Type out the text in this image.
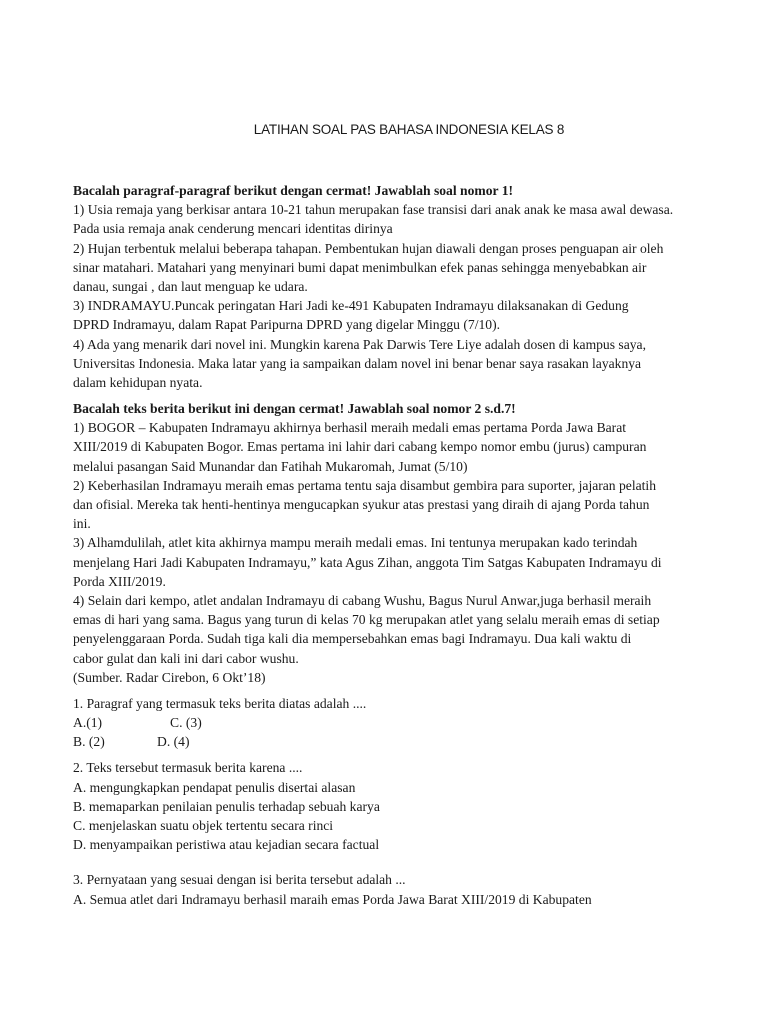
LATIHAN SOAL PAS BAHASA INDONESIA KELAS 8
Bacalah paragraf-paragraf berikut dengan cermat! Jawablah soal nomor 1!
1) Usia remaja yang berkisar antara 10-21 tahun merupakan fase transisi dari anak anak ke masa awal dewasa.
Pada usia remaja anak cenderung mencari identitas dirinya
2) Hujan terbentuk melalui beberapa tahapan. Pembentukan hujan diawali dengan proses penguapan air oleh
sinar matahari. Matahari yang menyinari bumi dapat menimbulkan efek panas sehingga menyebabkan air
danau, sungai , dan laut menguap ke udara.
3) INDRAMAYU.Puncak peringatan Hari Jadi ke-491 Kabupaten Indramayu dilaksanakan di Gedung
DPRD Indramayu, dalam Rapat Paripurna DPRD yang digelar Minggu (7/10).
4) Ada yang menarik dari novel ini. Mungkin karena Pak Darwis Tere Liye adalah dosen di kampus saya,
Universitas Indonesia. Maka latar yang ia sampaikan dalam novel ini benar benar saya rasakan layaknya
dalam kehidupan nyata.
Bacalah teks berita berikut ini dengan cermat! Jawablah soal nomor 2 s.d.7!
1) BOGOR – Kabupaten Indramayu akhirnya berhasil meraih medali emas pertama Porda Jawa Barat
XIII/2019 di Kabupaten Bogor. Emas pertama ini lahir dari cabang kempo nomor embu (jurus) campuran
melalui pasangan Said Munandar dan Fatihah Mukaromah, Jumat (5/10)
2) Keberhasilan Indramayu meraih emas pertama tentu saja disambut gembira para suporter, jajaran pelatih
dan ofisial. Mereka tak henti-hentinya mengucapkan syukur atas prestasi yang diraih di ajang Porda tahun
ini.
3) Alhamdulilah, atlet kita akhirnya mampu meraih medali emas. Ini tentunya merupakan kado terindah
menjelang Hari Jadi Kabupaten Indramayu,” kata Agus Zihan, anggota Tim Satgas Kabupaten Indramayu di
Porda XIII/2019.
4) Selain dari kempo, atlet andalan Indramayu di cabang Wushu, Bagus Nurul Anwar,juga berhasil meraih
emas di hari yang sama. Bagus yang turun di kelas 70 kg merupakan atlet yang selalu meraih emas di setiap
penyelenggaraan Porda. Sudah tiga kali dia mempersebahkan emas bagi Indramayu. Dua kali waktu di
cabor gulat dan kali ini dari cabor wushu.
(Sumber. Radar Cirebon, 6 Okt’18)
1. Paragraf yang termasuk teks berita diatas adalah ....
A.(1)	C. (3)
B. (2)	D. (4)
2. Teks tersebut termasuk berita karena ....
A. mengungkapkan pendapat penulis disertai alasan
B. memaparkan penilaian penulis terhadap sebuah karya
C. menjelaskan suatu objek tertentu secara rinci
D. menyampaikan peristiwa atau kejadian secara factual
3. Pernyataan yang sesuai dengan isi berita tersebut adalah ...
A. Semua atlet dari Indramayu berhasil maraih emas Porda Jawa Barat XIII/2019 di Kabupaten
